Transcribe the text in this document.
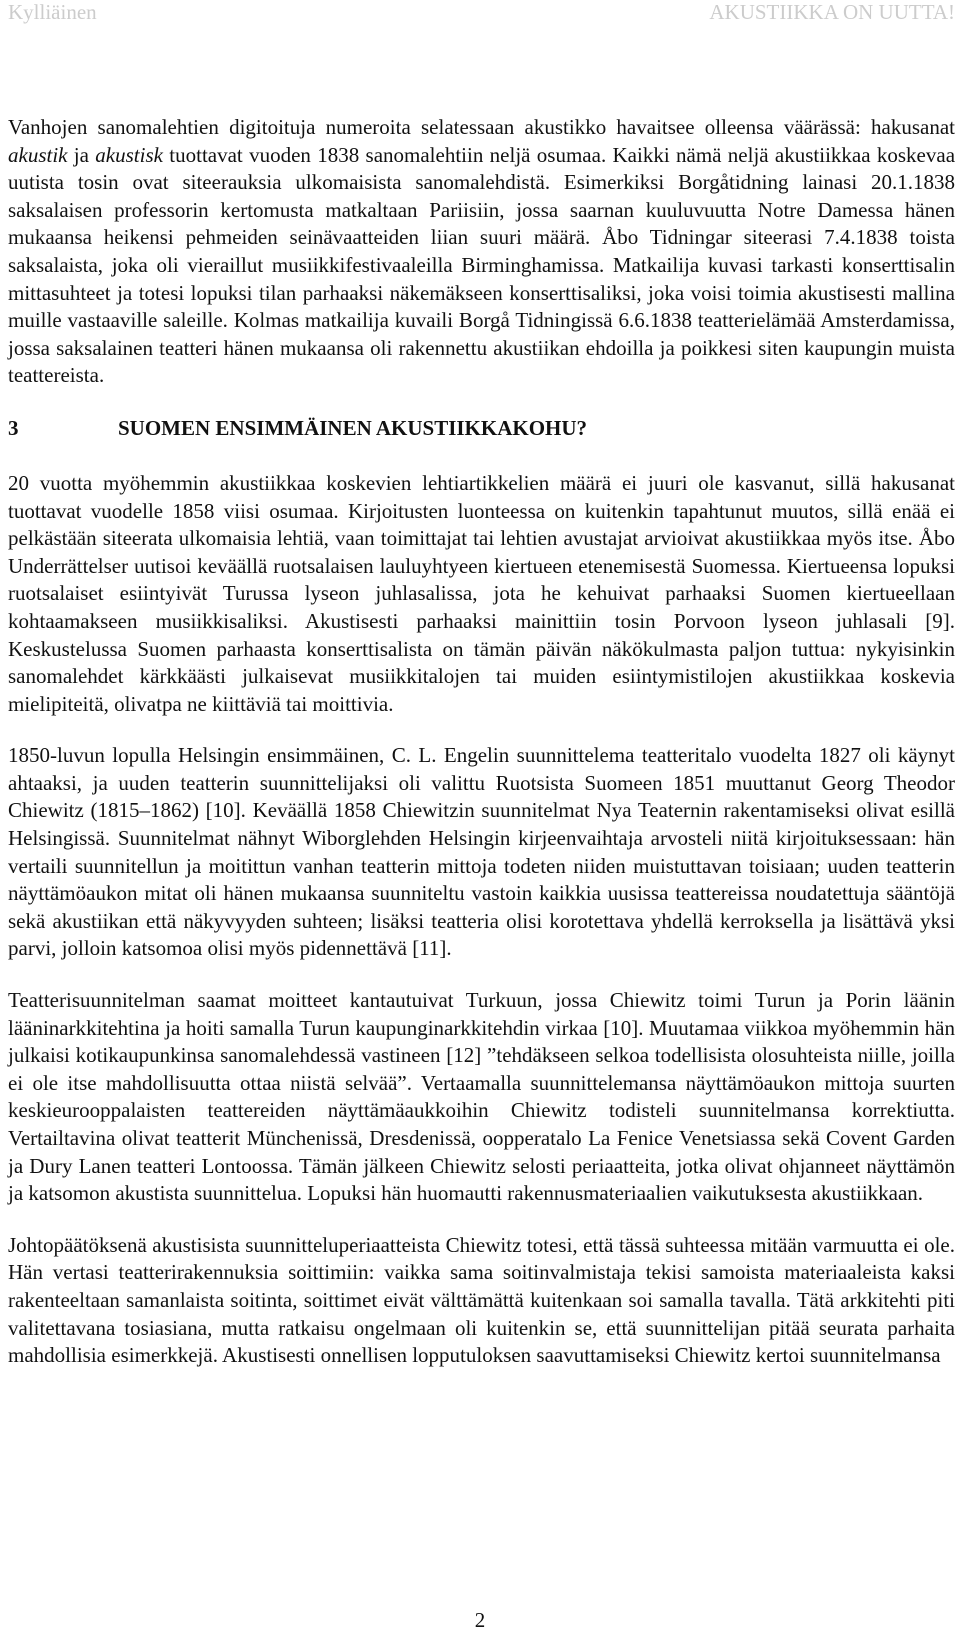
Kylliäinen	AKUSTIIKKA ON UUTTA!

Vanhojen sanomalehtien digitoituja numeroita selatessaan akustikko havaitsee olleensa väärässä: hakusanat akustik ja akustisk tuottavat vuoden 1838 sanomalehtiin neljä osumaa. Kaikki nämä neljä akustiikkaa koskevaa uutista tosin ovat siteerauksia ulkomaisista sanomalehdistä. Esimerkiksi Borgåtidning lainasi 20.1.1838 saksalaisen professorin kertomusta matkaltaan Pariisiin, jossa saarnan kuuluvuutta Notre Damessa hänen mukaansa heikensi pehmeiden seinävaatteiden liian suuri määrä. Åbo Tidningar siteerasi 7.4.1838 toista saksalaista, joka oli vieraillut musiikkifestivaaleilla Birminghamissa. Matkailija kuvasi tarkasti konserttisalin mittasuhteet ja totesi lopuksi tilan parhaaksi näkemäkseen konserttisaliksi, joka voisi toimia akustisesti mallina muille vastaaville saleille. Kolmas matkailija kuvaili Borgå Tidningissä 6.6.1838 teatterielämää Amsterdamissa, jossa saksalainen teatteri hänen mukaansa oli rakennettu akustiikan ehdoilla ja poikkesi siten kaupungin muista teattereista.

3	SUOMEN ENSIMMÄINEN AKUSTIIKKAKOHU?

20 vuotta myöhemmin akustiikkaa koskevien lehtiartikkelien määrä ei juuri ole kasvanut, sillä hakusanat tuottavat vuodelle 1858 viisi osumaa. Kirjoitusten luonteessa on kuitenkin tapahtunut muutos, sillä enää ei pelkästään siteerata ulkomaisia lehtiä, vaan toimittajat tai lehtien avustajat arvioivat akustiikkaa myös itse. Åbo Underrättelser uutisoi keväällä ruotsalaisen lauluyhtyeen kiertueen etenemisestä Suomessa. Kiertueensa lopuksi ruotsalaiset esiintyivät Turussa lyseon juhlasalissa, jota he kehuivat parhaaksi Suomen kiertueellaan kohtaamakseen musiikkisaliksi. Akustisesti parhaaksi mainittiin tosin Porvoon lyseon juhlasali [9]. Keskustelussa Suomen parhaasta konserttisalista on tämän päivän näkökulmasta paljon tuttua: nykyisinkin sanomalehdet kärkkäästi julkaisevat musiikkitalojen tai muiden esiintymistilojen akustiikkaa koskevia mielipiteitä, olivatpa ne kiittäviä tai moittivia.

1850-luvun lopulla Helsingin ensimmäinen, C. L. Engelin suunnittelema teatteritalo vuodelta 1827 oli käynyt ahtaaksi, ja uuden teatterin suunnittelijaksi oli valittu Ruotsista Suomeen 1851 muuttanut Georg Theodor Chiewitz (1815–1862) [10]. Keväällä 1858 Chiewitzin suunnitelmat Nya Teaternin rakentamiseksi olivat esillä Helsingissä. Suunnitelmat nähnyt Wiborglehden Helsingin kirjeenvaihtaja arvosteli niitä kirjoituksessaan: hän vertaili suunnitellun ja moitittun vanhan teatterin mittoja todeten niiden muistuttavan toisiaan; uuden teatterin näyttämöaukon mitat oli hänen mukaansa suunniteltu vastoin kaikkia uusissa teattereissa noudatettuja sääntöjä sekä akustiikan että näkyvyyden suhteen; lisäksi teatteria olisi korotettava yhdellä kerroksella ja lisättävä yksi parvi, jolloin katsomoa olisi myös pidennettävä [11].

Teatterisuunnitelman saamat moitteet kantautuivat Turkuun, jossa Chiewitz toimi Turun ja Porin läänin lääninarkkitehtina ja hoiti samalla Turun kaupunginarkkitehdin virkaa [10]. Muutamaa viikkoa myöhemmin hän julkaisi kotikaupunkinsa sanomalehdessä vastineen [12] ”tehdäkseen selkoa todellisista olosuhteista niille, joilla ei ole itse mahdollisuutta ottaa niistä selvää”. Vertaamalla suunnittelemansa näyttämöaukon mittoja suurten keskieurooppalaisten teattereiden näyttämäaukkoihin Chiewitz todisteli suunnitelmansa korrektiutta. Vertailtavina olivat teatterit Münchenissä, Dresdenissä, oopperatalo La Fenice Venetsiassa sekä Covent Garden ja Dury Lanen teatteri Lontoossa. Tämän jälkeen Chiewitz selosti periaatteita, jotka olivat ohjanneet näyttämön ja katsomon akustista suunnittelua. Lopuksi hän huomautti rakennusmateriaalien vaikutuksesta akustiikkaan.

Johtopäätöksenä akustisista suunnitteluperiaatteista Chiewitz totesi, että tässä suhteessa mitään varmuutta ei ole. Hän vertasi teatterirakennuksia soittimiin: vaikka sama soitinvalmistaja tekisi samoista materiaaleista kaksi rakenteeltaan samanlaista soitinta, soittimet eivät välttämättä kuitenkaan soi samalla tavalla. Tätä arkkitehti piti valitettavana tosiasiana, mutta ratkaisu ongelmaan oli kuitenkin se, että suunnittelijan pitää seurata parhaita mahdollisia esimerkkejä. Akustisesti onnellisen lopputuloksen saavuttamiseksi Chiewitz kertoi suunnitelmansa

2
